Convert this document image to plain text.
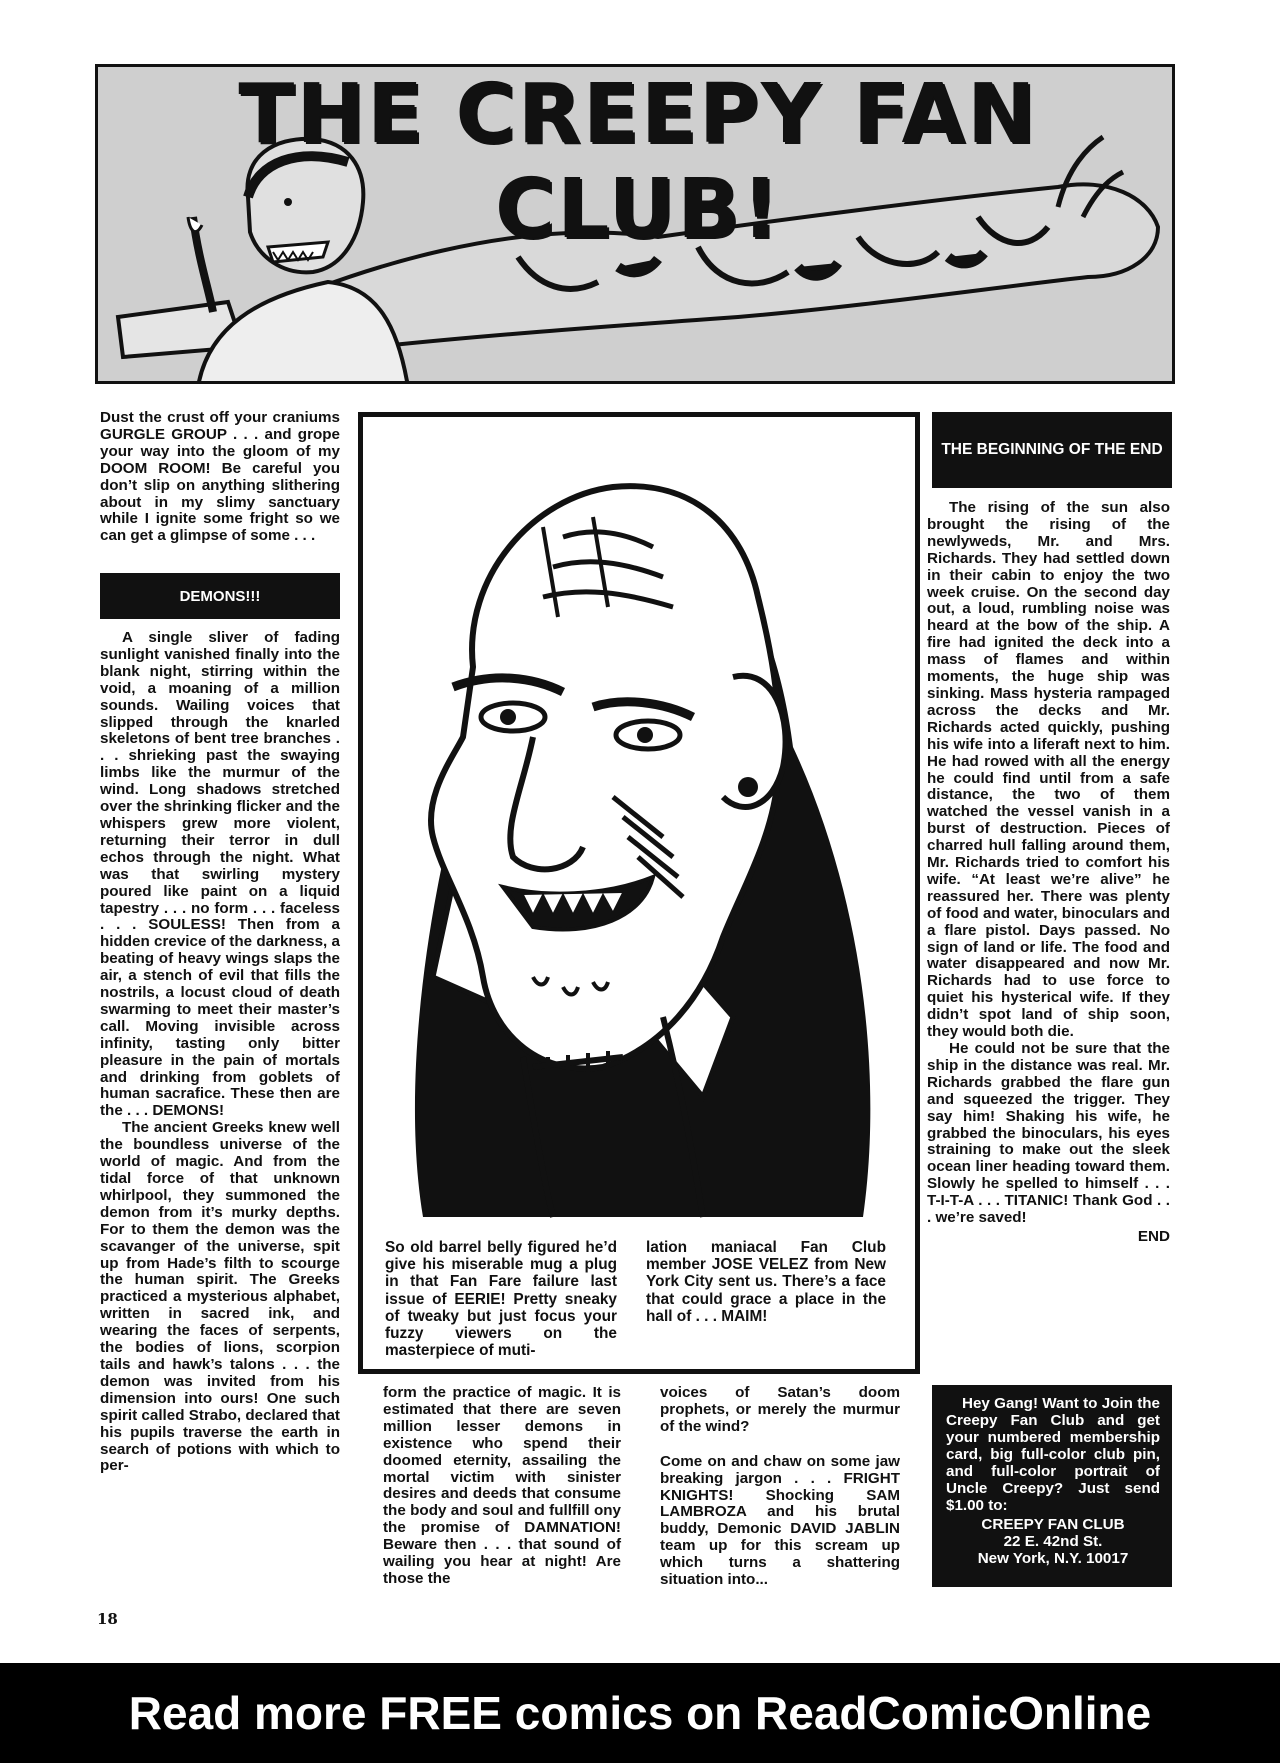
THE CREEPY FAN CLUB!

Dust the crust off your craniums GURGLE GROUP . . . and grope your way into the gloom of my DOOM ROOM! Be careful you don’t slip on anything slithering about in my slimy sanctuary while I ignite some fright so we can get a glimpse of some . . .

DEMONS!!!

A single sliver of fading sunlight vanished finally into the blank night, stirring within the void, a moaning of a million sounds. Wailing voices that slipped through the knarled skeletons of bent tree branches . . . shrieking past the swaying limbs like the murmur of the wind. Long shadows stretched over the shrinking flicker and the whispers grew more violent, returning their terror in dull echos through the night. What was that swirling mystery poured like paint on a liquid tapestry . . . no form . . . faceless . . . SOULESS! Then from a hidden crevice of the darkness, a beating of heavy wings slaps the air, a stench of evil that fills the nostrils, a locust cloud of death swarming to meet their master’s call. Moving invisible across infinity, tasting only bitter pleasure in the pain of mortals and drinking from goblets of human sacrafice. These then are the . . . DEMONS!

The ancient Greeks knew well the boundless universe of the world of magic. And from the tidal force of that unknown whirlpool, they summoned the demon from it’s murky depths. For to them the demon was the scavanger of the universe, spit up from Hade’s filth to scourge the human spirit. The Greeks practiced a mysterious alphabet, written in sacred ink, and wearing the faces of serpents, the bodies of lions, scorpion tails and hawk’s talons . . . the demon was invited from his dimension into ours! One such spirit called Strabo, declared that his pupils traverse the earth in search of potions with which to per-

So old barrel belly figured he’d give his miserable mug a plug in that Fan Fare failure last issue of EERIE! Pretty sneaky of tweaky but just focus your fuzzy viewers on the masterpiece of muti-
lation maniacal Fan Club member JOSE VELEZ from New York City sent us. There’s a face that could grace a place in the hall of . . . MAIM!

form the practice of magic. It is estimated that there are seven million lesser demons in existence who spend their doomed eternity, assailing the mortal victim with sinister desires and deeds that consume the body and soul and fullfill ony the promise of DAMNATION! Beware then . . . that sound of wailing you hear at night! Are those the

voices of Satan’s doom prophets, or merely the murmur of the wind?

Come on and chaw on some jaw breaking jargon . . . FRIGHT KNIGHTS! Shocking SAM LAMBROZA and his brutal buddy, Demonic DAVID JABLIN team up for this scream up which turns a shattering situation into...

THE BEGINNING OF THE END

The rising of the sun also brought the rising of the newlyweds, Mr. and Mrs. Richards. They had settled down in their cabin to enjoy the two week cruise. On the second day out, a loud, rumbling noise was heard at the bow of the ship. A fire had ignited the deck into a mass of flames and within moments, the huge ship was sinking. Mass hysteria rampaged across the decks and Mr. Richards acted quickly, pushing his wife into a liferaft next to him. He had rowed with all the energy he could find until from a safe distance, the two of them watched the vessel vanish in a burst of destruction. Pieces of charred hull falling around them, Mr. Richards tried to comfort his wife. “At least we’re alive” he reassured her. There was plenty of food and water, binoculars and a flare pistol. Days passed. No sign of land or life. The food and water disappeared and now Mr. Richards had to use force to quiet his hysterical wife. If they didn’t spot land of ship soon, they would both die.

He could not be sure that the ship in the distance was real. Mr. Richards grabbed the flare gun and squeezed the trigger. They say him! Shaking his wife, he grabbed the binoculars, his eyes straining to make out the sleek ocean liner heading toward them. Slowly he spelled to himself . . . T-I-T-A . . . TITANIC! Thank God . . . we’re saved!

END

Hey Gang! Want to Join the Creepy Fan Club and get your numbered membership card, big full-color club pin, and full-color portrait of Uncle Creepy? Just send $1.00 to:

CREEPY FAN CLUB

22 E. 42nd St.

New York, N.Y. 10017

18
Read more FREE comics on ReadComicOnline
